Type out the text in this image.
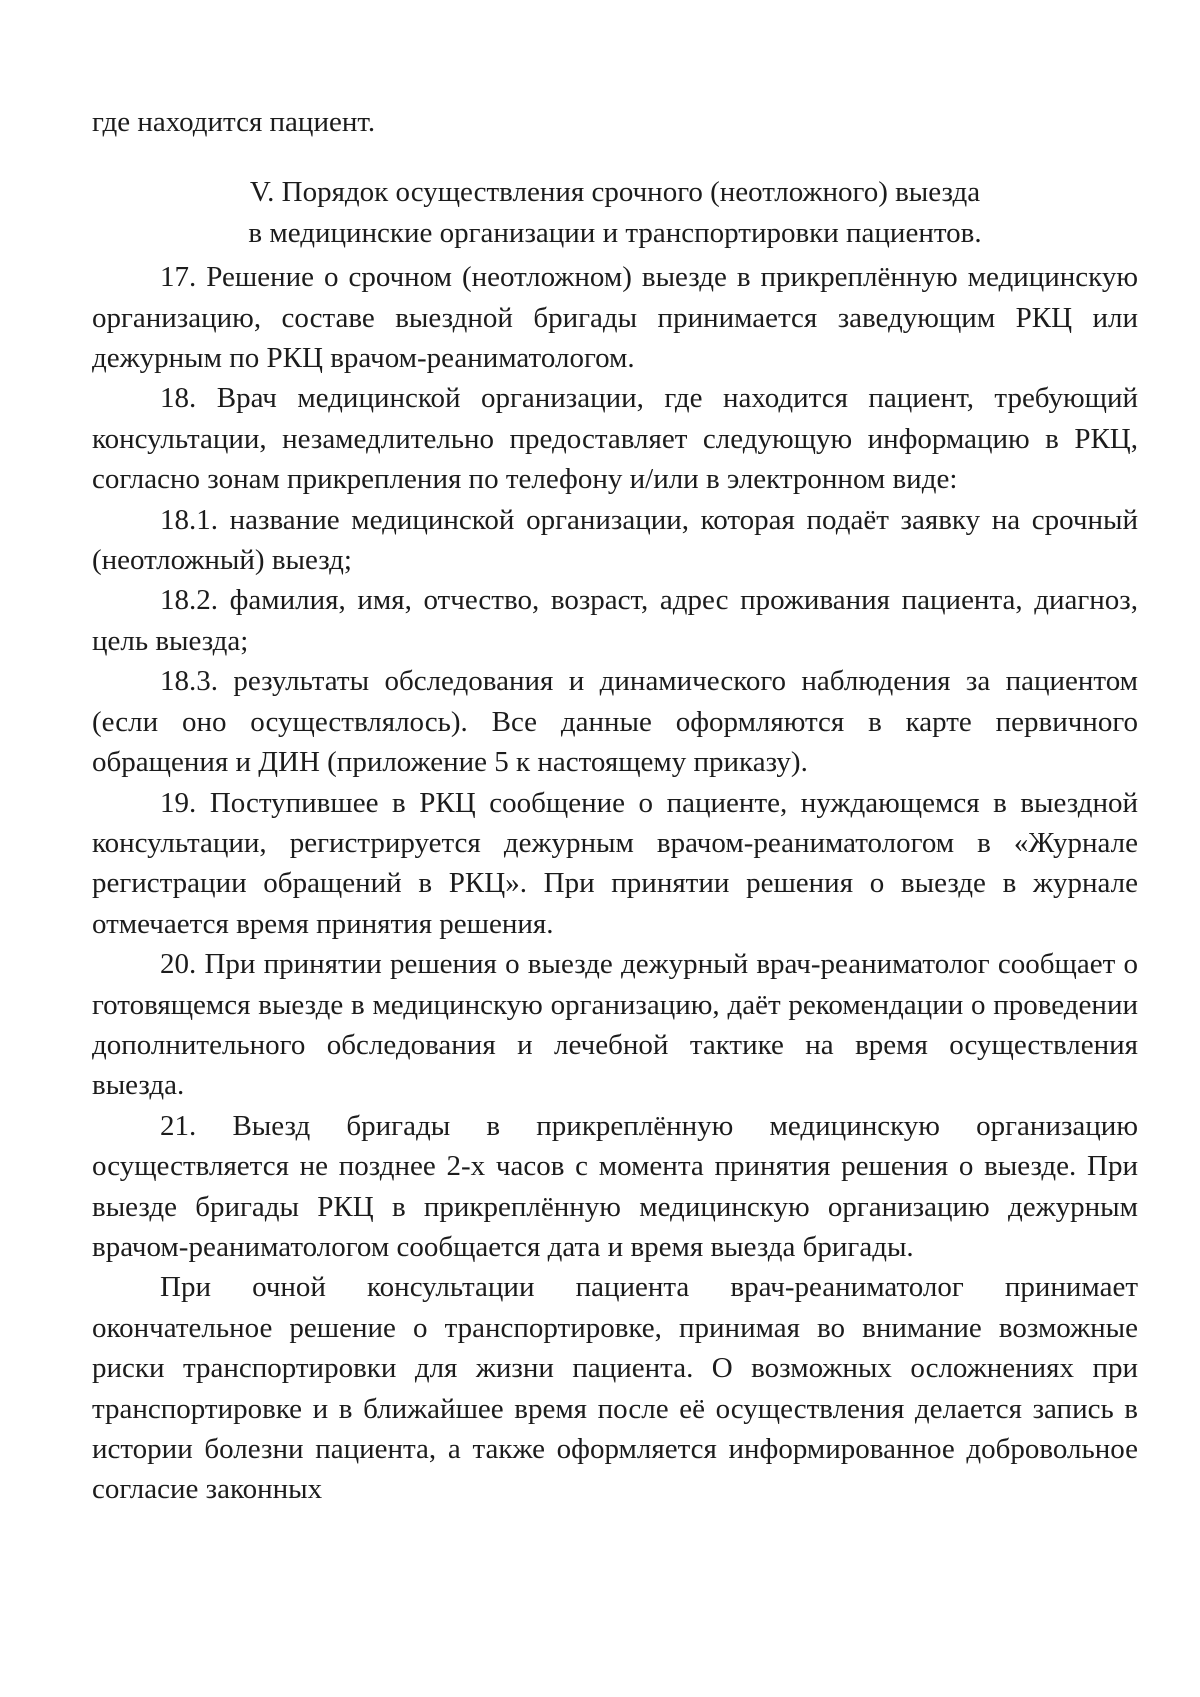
где находится пациент.

V. Порядок осуществления срочного (неотложного) выезда
в медицинские организации и транспортировки пациентов.

17. Решение о срочном (неотложном) выезде в прикреплённую медицинскую организацию, составе выездной бригады принимается заведующим РКЦ или дежурным по РКЦ врачом-реаниматологом.

18. Врач медицинской организации, где находится пациент, требующий консультации, незамедлительно предоставляет следующую информацию в РКЦ, согласно зонам прикрепления по телефону и/или в электронном виде:

18.1. название медицинской организации, которая подаёт заявку на срочный (неотложный) выезд;

18.2. фамилия, имя, отчество, возраст, адрес проживания пациента, диагноз, цель выезда;

18.3. результаты обследования и динамического наблюдения за пациентом (если оно осуществлялось). Все данные оформляются в карте первичного обращения и ДИН (приложение 5 к настоящему приказу).

19. Поступившее в РКЦ сообщение о пациенте, нуждающемся в выездной консультации, регистрируется дежурным врачом-реаниматологом в «Журнале регистрации обращений в РКЦ». При принятии решения о выезде в журнале отмечается время принятия решения.

20. При принятии решения о выезде дежурный врач-реаниматолог сообщает о готовящемся выезде в медицинскую организацию, даёт рекомендации о проведении дополнительного обследования и лечебной тактике на время осуществления выезда.

21. Выезд бригады в прикреплённую медицинскую организацию осуществляется не позднее 2-х часов с момента принятия решения о выезде. При выезде бригады РКЦ в прикреплённую медицинскую организацию дежурным врачом-реаниматологом сообщается дата и время выезда бригады.

При очной консультации пациента врач-реаниматолог принимает окончательное решение о транспортировке, принимая во внимание возможные риски транспортировки для жизни пациента. О возможных осложнениях при транспортировке и в ближайшее время после её осуществления делается запись в истории болезни пациента, а также оформляется информированное добровольное согласие законных
